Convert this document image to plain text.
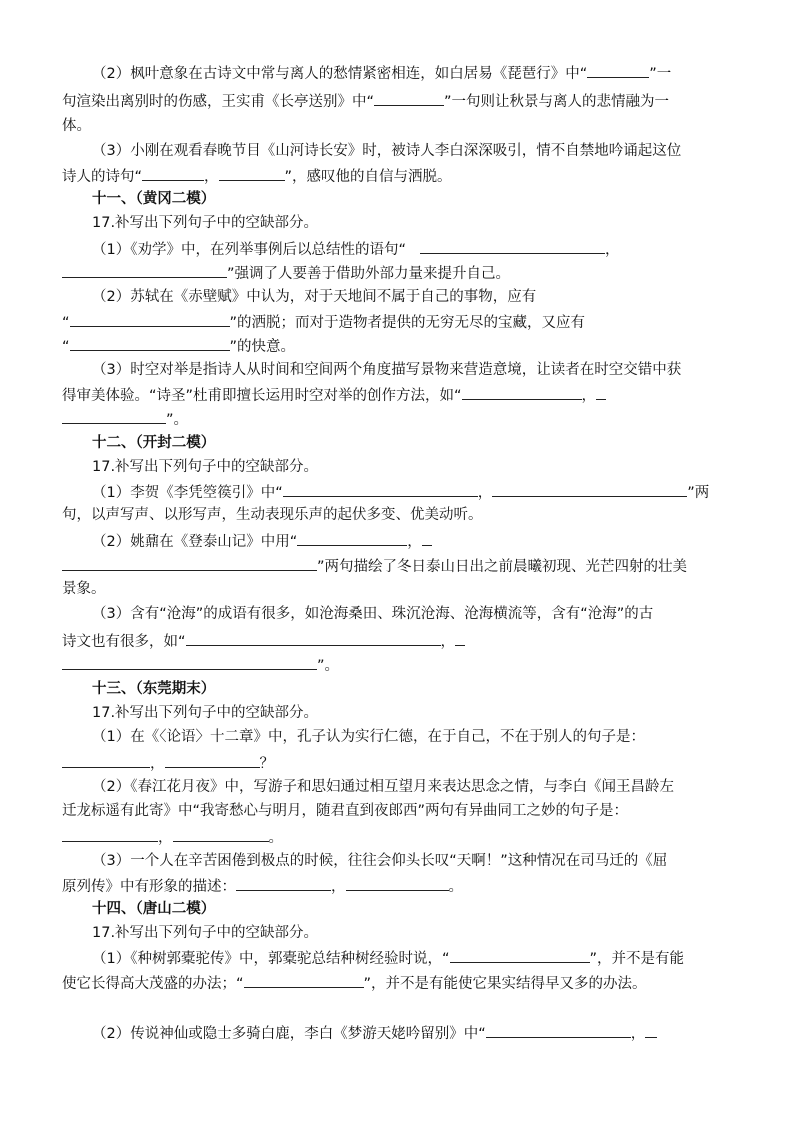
（2）枫叶意象在古诗文中常与离人的愁情紧密相连，如白居易《琵琶行》中“	”一
句渲染出离别时的伤感，王实甫《长亭送别》中“	”一句则让秋景与离人的悲情融为一
体。
（3）小刚在观看春晚节目《山河诗长安》时，被诗人李白深深吸引，情不自禁地吟诵起这位
诗人的诗句“	，	”，感叹他的自信与洒脱。
十一、（黄冈二模）
17.补写出下列句子中的空缺部分。
（1）《劝学》中，在列举事例后以总结性的语句“	，
”强调了人要善于借助外部力量来提升自己。
（2）苏轼在《赤壁赋》中认为，对于天地间不属于自己的事物，应有
“	”的洒脱；而对于造物者提供的无穷无尽的宝藏，又应有
“	”的快意。
（3）时空对举是指诗人从时间和空间两个角度描写景物来营造意境，让读者在时空交错中获
得审美体验。“诗圣”杜甫即擅长运用时空对举的创作方法，如“	，
”。
十二、（开封二模）
17.补写出下列句子中的空缺部分。
（1）李贺《李凭箜篌引》中“	，	”两
句，以声写声、以形写声，生动表现乐声的起伏多变、优美动听。
（2）姚鼐在《登泰山记》中用“	，
”两句描绘了冬日泰山日出之前晨曦初现、光芒四射的壮美
景象。
（3）含有“沧海”的成语有很多，如沧海桑田、珠沉沧海、沧海横流等，含有“沧海”的古
诗文也有很多，如“	，
”。
十三、（东莞期末）
17.补写出下列句子中的空缺部分。
（1）在《〈论语〉十二章》中，孔子认为实行仁德，在于自己，不在于别人的句子是：
，	？
（2）《春江花月夜》中，写游子和思妇通过相互望月来表达思念之情，与李白《闻王昌龄左
迁龙标遥有此寄》中“我寄愁心与明月，随君直到夜郎西”两句有异曲同工之妙的句子是：
，	。
（3）一个人在辛苦困倦到极点的时候，往往会仰头长叹“天啊！”这种情况在司马迁的《屈
原列传》中有形象的描述：	，	。
十四、（唐山二模）
17.补写出下列句子中的空缺部分。
（1）《种树郭橐驼传》中，郭橐驼总结种树经验时说，“	”，并不是有能
使它长得高大茂盛的办法；“	”，并不是有能使它果实结得早又多的办法。
（2）传说神仙或隐士多骑白鹿，李白《梦游天姥吟留别》中“	，
